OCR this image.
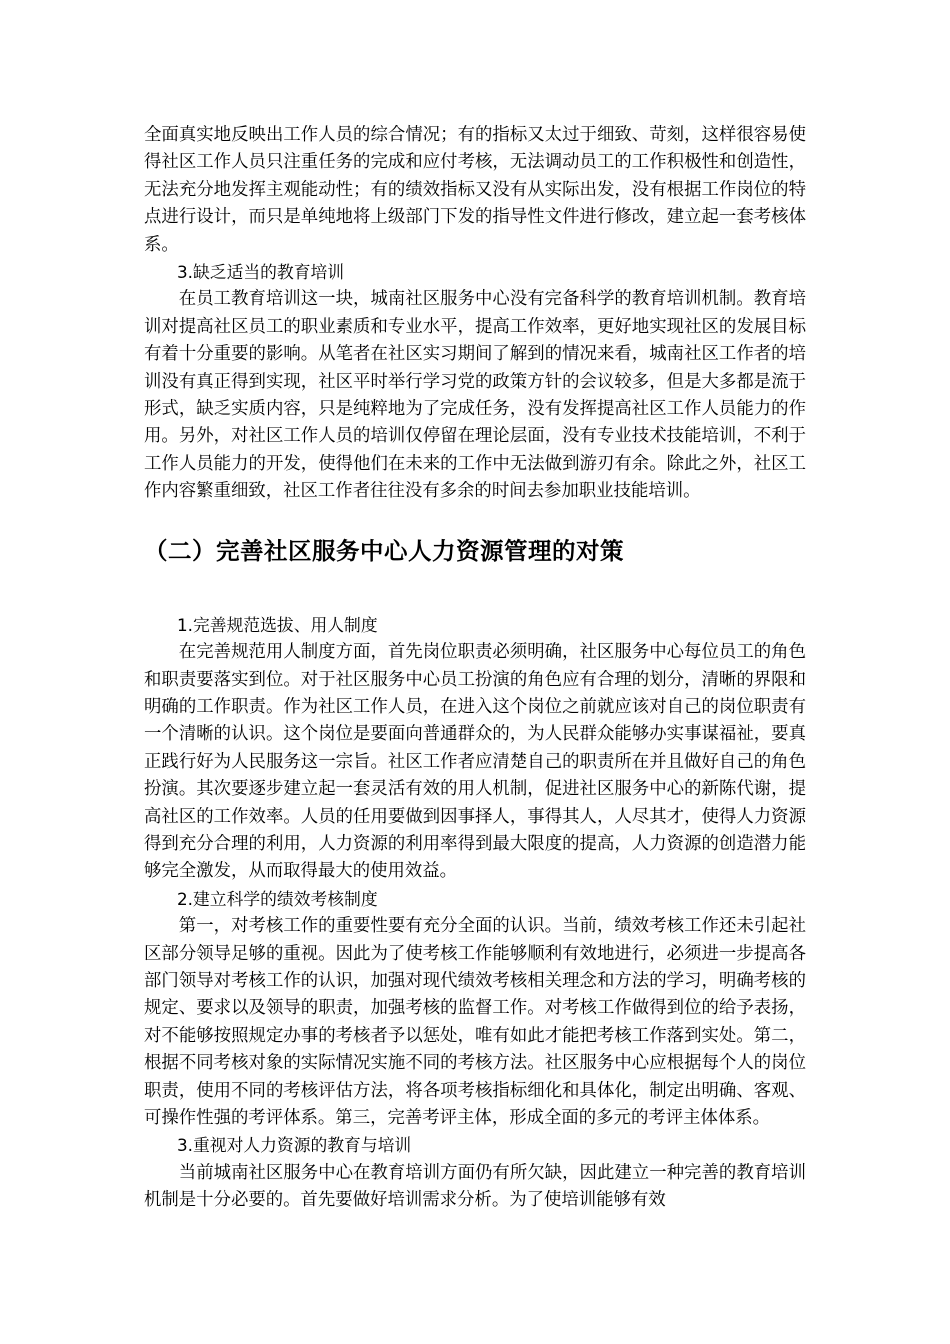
全面真实地反映出工作人员的综合情况；有的指标又太过于细致、苛刻，这样很容易使得社区工作人员只注重任务的完成和应付考核，无法调动员工的工作积极性和创造性，无法充分地发挥主观能动性；有的绩效指标又没有从实际出发，没有根据工作岗位的特点进行设计，而只是单纯地将上级部门下发的指导性文件进行修改，建立起一套考核体系。

3.缺乏适当的教育培训

在员工教育培训这一块，城南社区服务中心没有完备科学的教育培训机制。教育培训对提高社区员工的职业素质和专业水平，提高工作效率，更好地实现社区的发展目标有着十分重要的影响。从笔者在社区实习期间了解到的情况来看，城南社区工作者的培训没有真正得到实现，社区平时举行学习党的政策方针的会议较多，但是大多都是流于形式，缺乏实质内容，只是纯粹地为了完成任务，没有发挥提高社区工作人员能力的作用。另外，对社区工作人员的培训仅停留在理论层面，没有专业技术技能培训，不利于工作人员能力的开发，使得他们在未来的工作中无法做到游刃有余。除此之外，社区工作内容繁重细致，社区工作者往往没有多余的时间去参加职业技能培训。

（二）完善社区服务中心人力资源管理的对策

1.完善规范选拔、用人制度

在完善规范用人制度方面，首先岗位职责必须明确，社区服务中心每位员工的角色和职责要落实到位。对于社区服务中心员工扮演的角色应有合理的划分，清晰的界限和明确的工作职责。作为社区工作人员，在进入这个岗位之前就应该对自己的岗位职责有一个清晰的认识。这个岗位是要面向普通群众的，为人民群众能够办实事谋福祉，要真正践行好为人民服务这一宗旨。社区工作者应清楚自己的职责所在并且做好自己的角色扮演。其次要逐步建立起一套灵活有效的用人机制，促进社区服务中心的新陈代谢，提高社区的工作效率。人员的任用要做到因事择人，事得其人，人尽其才，使得人力资源得到充分合理的利用，人力资源的利用率得到最大限度的提高，人力资源的创造潜力能够完全激发，从而取得最大的使用效益。

2.建立科学的绩效考核制度

第一，对考核工作的重要性要有充分全面的认识。当前，绩效考核工作还未引起社区部分领导足够的重视。因此为了使考核工作能够顺利有效地进行，必须进一步提高各部门领导对考核工作的认识，加强对现代绩效考核相关理念和方法的学习，明确考核的规定、要求以及领导的职责，加强考核的监督工作。对考核工作做得到位的给予表扬，对不能够按照规定办事的考核者予以惩处，唯有如此才能把考核工作落到实处。第二，根据不同考核对象的实际情况实施不同的考核方法。社区服务中心应根据每个人的岗位职责，使用不同的考核评估方法，将各项考核指标细化和具体化，制定出明确、客观、可操作性强的考评体系。第三，完善考评主体，形成全面的多元的考评主体体系。

3.重视对人力资源的教育与培训

当前城南社区服务中心在教育培训方面仍有所欠缺，因此建立一种完善的教育培训机制是十分必要的。首先要做好培训需求分析。为了使培训能够有效
